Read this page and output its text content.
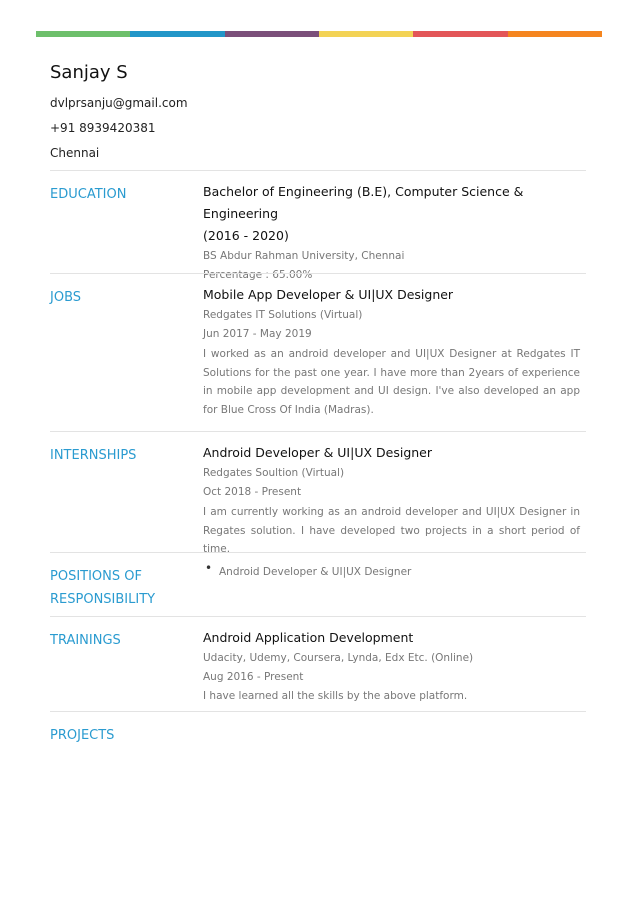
Sanjay S
dvlprsanju@gmail.com
+91 8939420381
Chennai
EDUCATION	Bachelor of Engineering (B.E), Computer Science & Engineering
(2016 - 2020)
BS Abdur Rahman University, Chennai
Percentage : 65.00%
JOBS	Mobile App Developer & UI|UX Designer
Redgates IT Solutions (Virtual)
Jun 2017 - May 2019
I worked as an android developer and UI|UX Designer at Redgates IT Solutions for the past one year. I have more than 2years of experience in mobile app development and UI design. I've also developed an app for Blue Cross Of India (Madras).
INTERNSHIPS	Android Developer & UI|UX Designer
Redgates Soultion (Virtual)
Oct 2018 - Present
I am currently working as an android developer and UI|UX Designer in Regates solution. I have developed two projects in a short period of time.
POSITIONS OF
RESPONSIBILITY
• Android Developer & UI|UX Designer
TRAININGS	Android Application Development
Udacity, Udemy, Coursera, Lynda, Edx Etc. (Online)
Aug 2016 - Present
I have learned all the skills by the above platform.
PROJECTS
